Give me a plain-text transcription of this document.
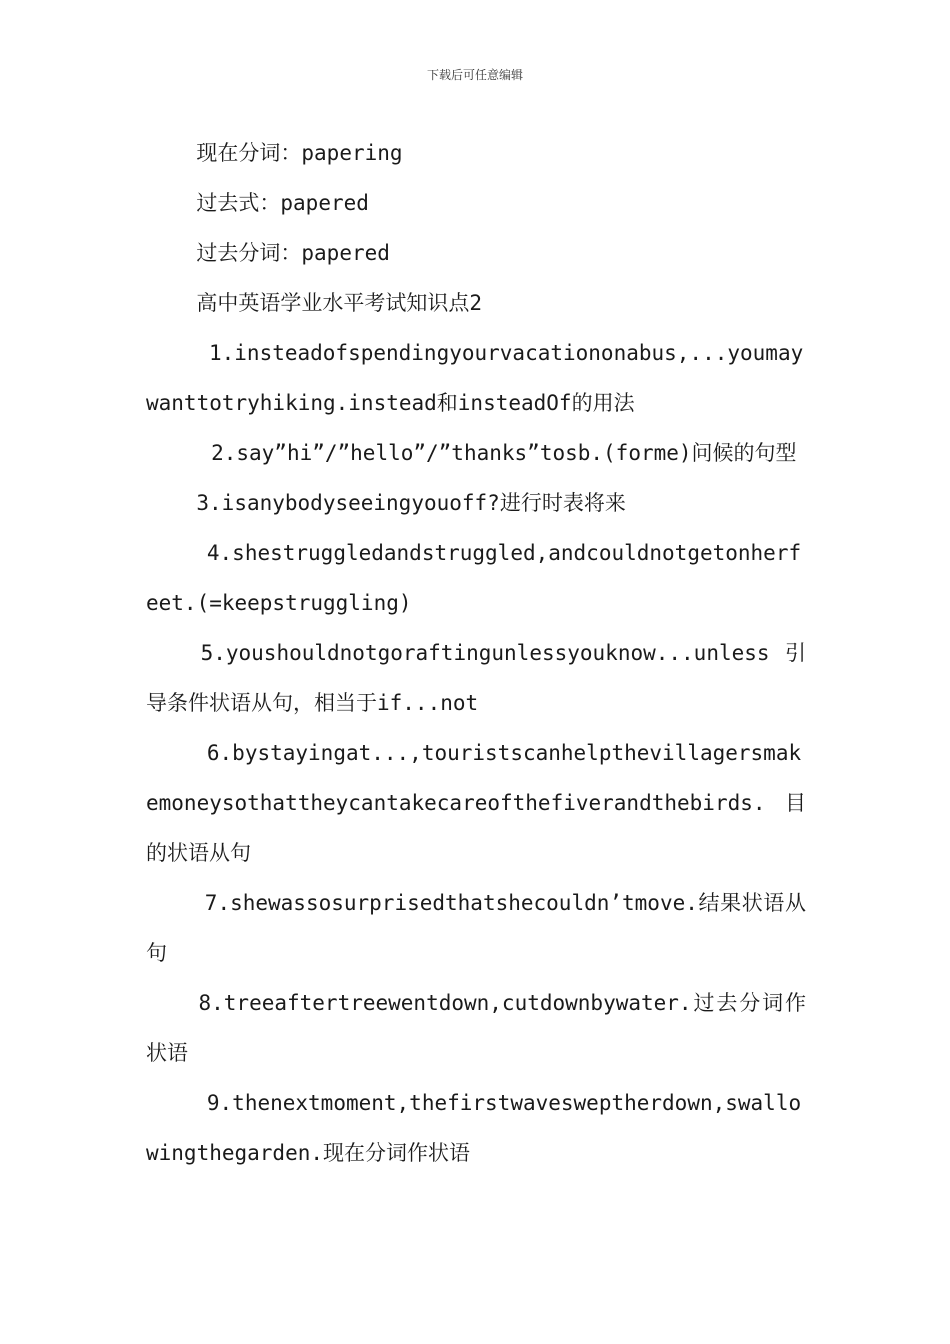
下载后可任意编辑

现在分词：papering

过去式：papered

过去分词：papered

高中英语学业水平考试知识点2

1.insteadofspendingyourvacationonabus,...youmaywanttotryhiking.instead和insteadOf的用法

2.say”hi”/”hello”/”thanks”tosb.(forme)问候的句型

3.isanybodyseeingyouoff?进行时表将来

4.shestruggledandstruggled,andcouldnotgetonherfeet.(=keepstruggling)

5.youshouldnotgoraftingunlessyouknow...unless引导条件状语从句，相当于if...not

6.bystayingat...,touristscanhelpthevillagersmakemoneysothattheycantakecareofthefiverandthebirds. 目的状语从句

7.shewassosurprisedthatshecouldn’tmove.结果状语从句

8.treeaftertreewentdown,cutdownbywater.过去分词作状语

9.thenextmoment,thefirstwavesweptherdown,swallowingthegarden.现在分词作状语
